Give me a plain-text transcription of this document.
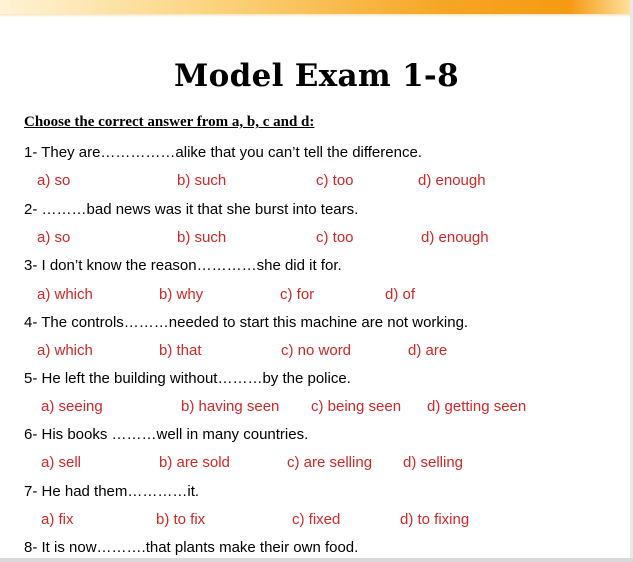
Model Exam 1-8
Choose the correct answer from a, b, c and d:
1- They are……………alike that you can’t tell the difference.
a) so	b) such	c) too	d) enough
2- ………bad news was it that she burst into tears.
a) so	b) such	c) too	d) enough
3- I don’t know the reason…………she did it for.
a) which	b) why	c) for	d) of
4- The controls………needed to start this machine are not working.
a) which	b) that	c) no word	d) are
5- He left the building without………by the police.
a) seeing	b) having seen c) being seen d) getting seen
6- His books ………well in many countries.
a) sell	b) are sold	c) are selling d) selling
7- He had them…………it.
a) fix	b) to fix	c) fixed	d) to fixing
8- It is now……….that plants make their own food.
